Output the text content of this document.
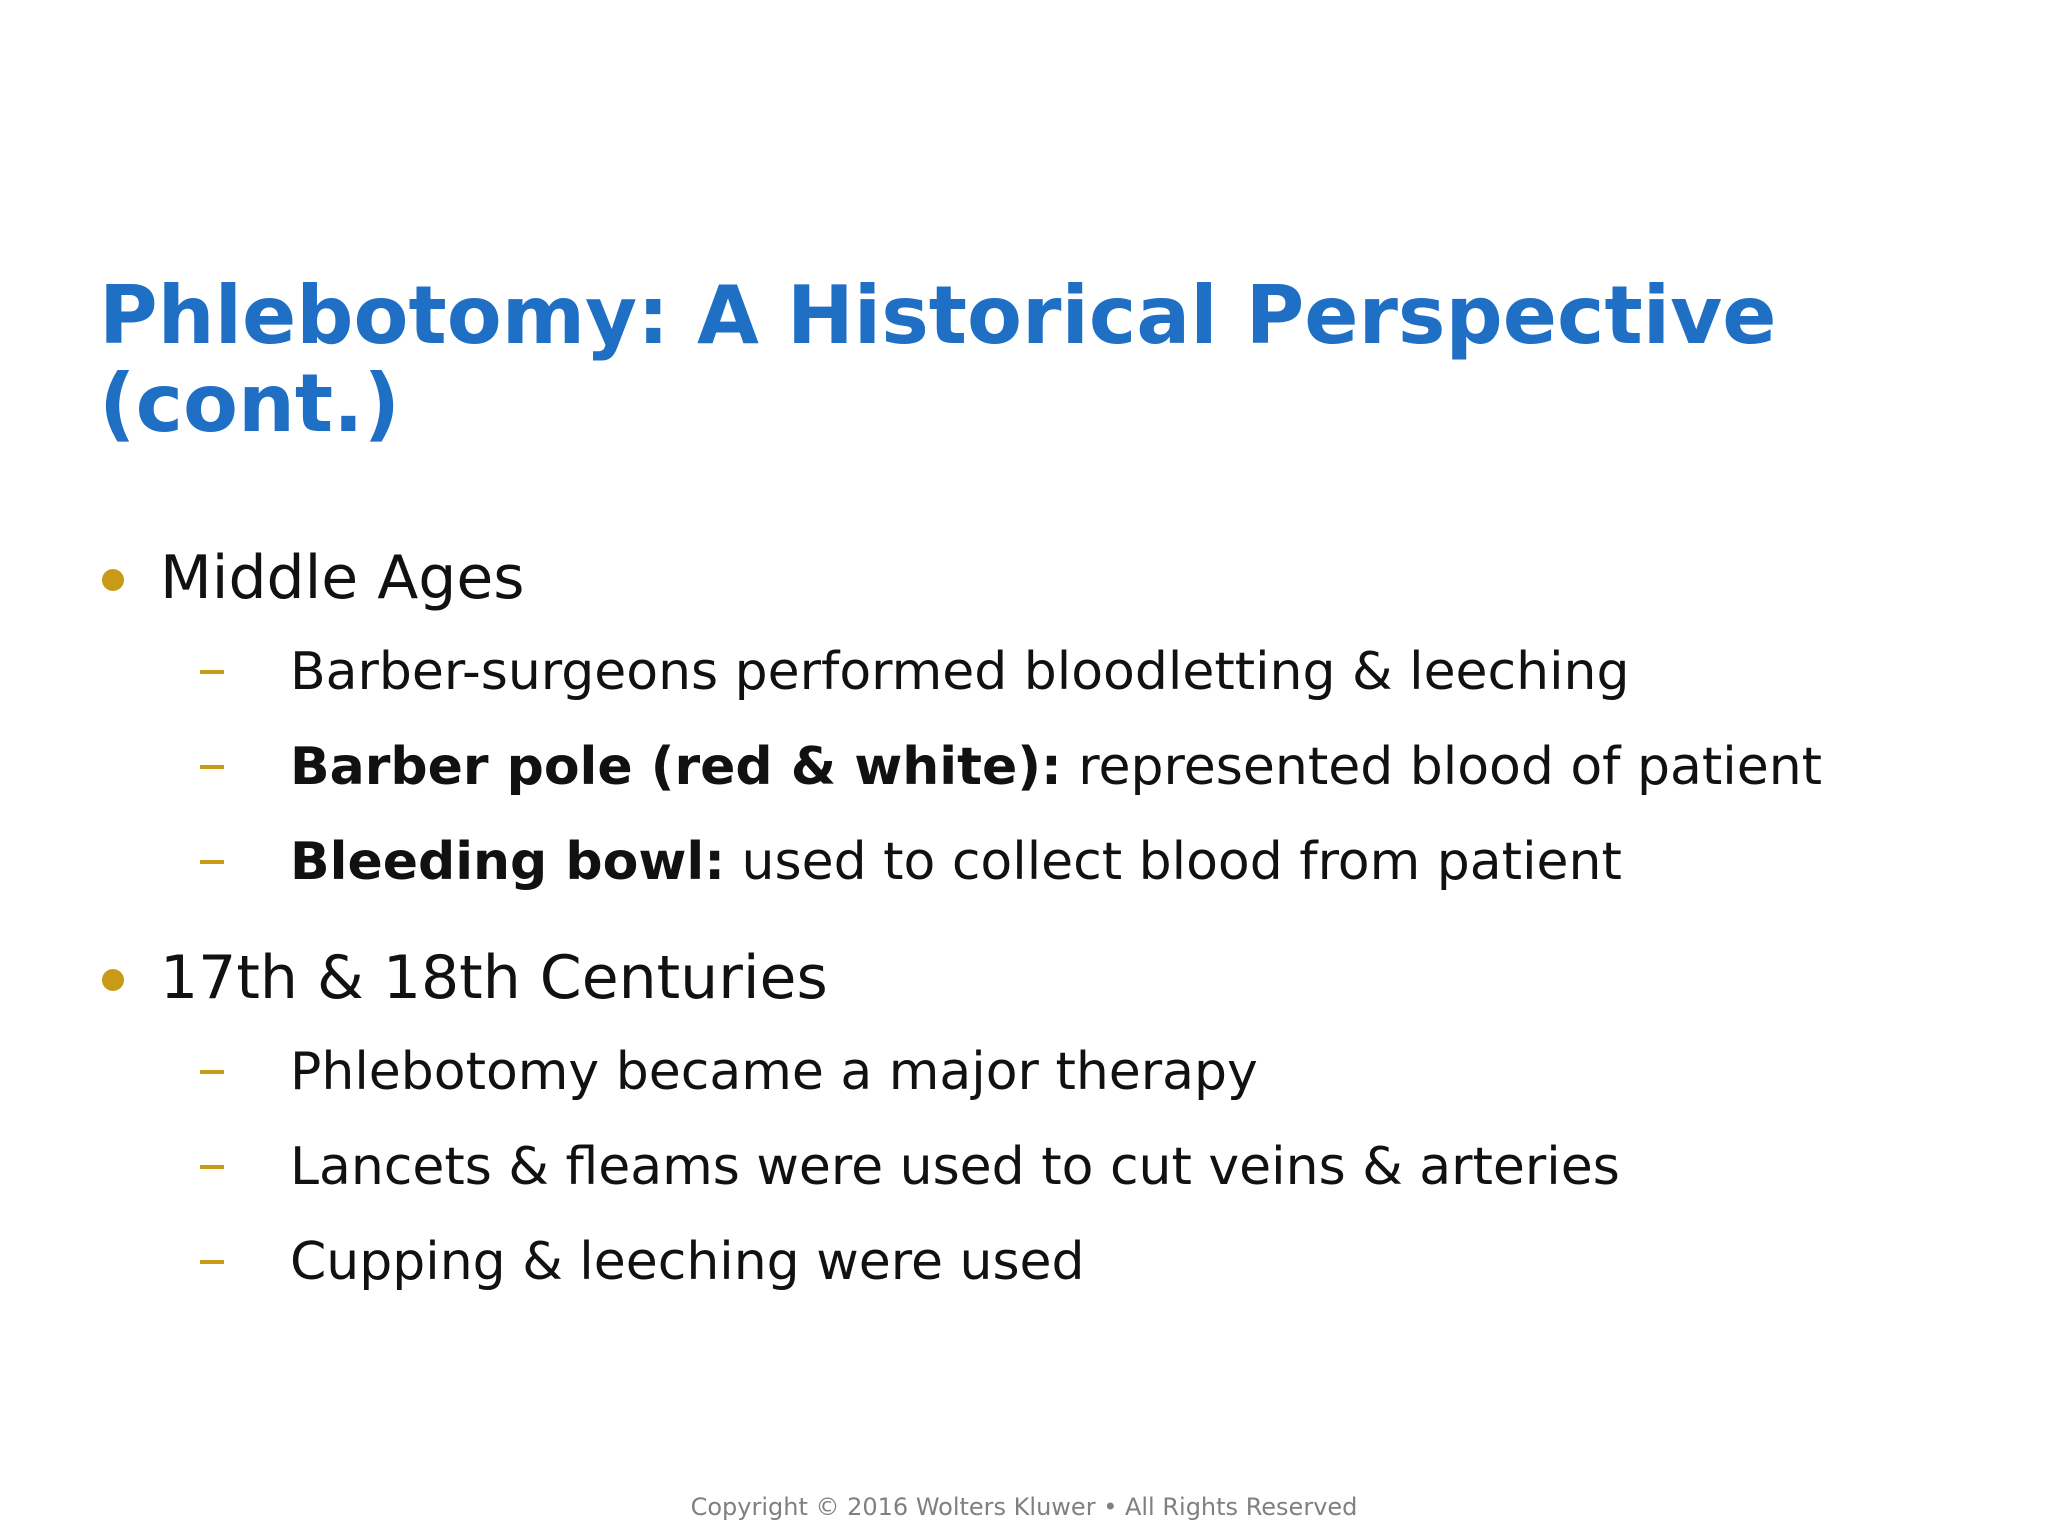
Phlebotomy: A Historical Perspective
(cont.)
Middle Ages
Barber-surgeons performed bloodletting & leeching
Barber pole (red & white): represented blood of patient
Bleeding bowl: used to collect blood from patient
17th & 18th Centuries
Phlebotomy became a major therapy
Lancets & fleams were used to cut veins & arteries
Cupping & leeching were used
Copyright © 2016 Wolters Kluwer • All Rights Reserved
